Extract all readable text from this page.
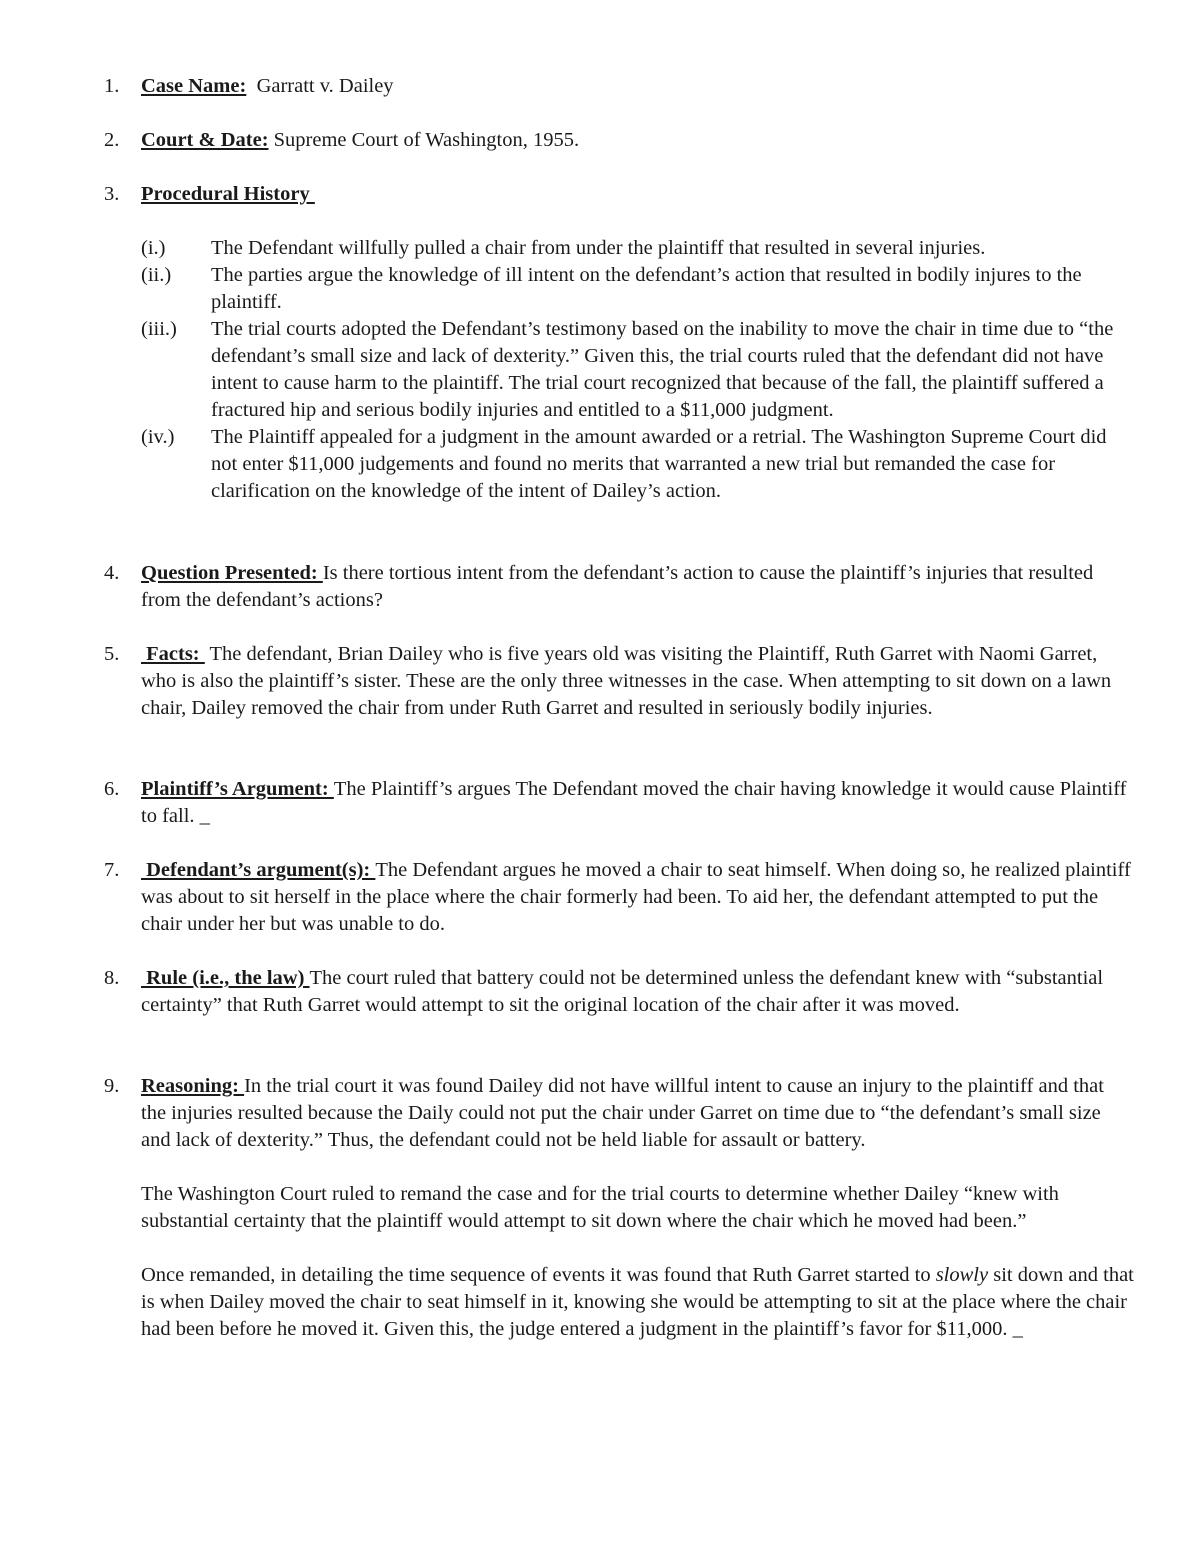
1. Case Name:  Garratt v. Dailey
2. Court & Date: Supreme Court of Washington, 1955.
3. Procedural History
(i.) The Defendant willfully pulled a chair from under the plaintiff that resulted in several injuries.
(ii.) The parties argue the knowledge of ill intent on the defendant’s action that resulted in bodily injures to the plaintiff.
(iii.) The trial courts adopted the Defendant’s testimony based on the inability to move the chair in time due to “the defendant’s small size and lack of dexterity.” Given this, the trial courts ruled that the defendant did not have intent to cause harm to the plaintiff. The trial court recognized that because of the fall, the plaintiff suffered a fractured hip and serious bodily injuries and entitled to a $11,000 judgment.
(iv.) The Plaintiff appealed for a judgment in the amount awarded or a retrial. The Washington Supreme Court did not enter $11,000 judgements and found no merits that warranted a new trial but remanded the case for clarification on the knowledge of the intent of Dailey’s action.
4. Question Presented: Is there tortious intent from the defendant’s action to cause the plaintiff’s injuries that resulted from the defendant’s actions?
5. Facts:  The defendant, Brian Dailey who is five years old was visiting the Plaintiff, Ruth Garret with Naomi Garret, who is also the plaintiff’s sister. These are the only three witnesses in the case. When attempting to sit down on a lawn chair, Dailey removed the chair from under Ruth Garret and resulted in seriously bodily injuries.
6. Plaintiff’s Argument: The Plaintiff’s argues The Defendant moved the chair having knowledge it would cause Plaintiff to fall. _
7. Defendant’s argument(s): The Defendant argues he moved a chair to seat himself. When doing so, he realized plaintiff was about to sit herself in the place where the chair formerly had been. To aid her, the defendant attempted to put the chair under her but was unable to do.
8. Rule (i.e., the law) The court ruled that battery could not be determined unless the defendant knew with “substantial certainty” that Ruth Garret would attempt to sit the original location of the chair after it was moved.
9. Reasoning: In the trial court it was found Dailey did not have willful intent to cause an injury to the plaintiff and that the injuries resulted because the Daily could not put the chair under Garret on time due to “the defendant’s small size and lack of dexterity.” Thus, the defendant could not be held liable for assault or battery.

The Washington Court ruled to remand the case and for the trial courts to determine whether Dailey “knew with substantial certainty that the plaintiff would attempt to sit down where the chair which he moved had been.”

Once remanded, in detailing the time sequence of events it was found that Ruth Garret started to slowly sit down and that is when Dailey moved the chair to seat himself in it, knowing she would be attempting to sit at the place where the chair had been before he moved it. Given this, the judge entered a judgment in the plaintiff’s favor for $11,000. _
